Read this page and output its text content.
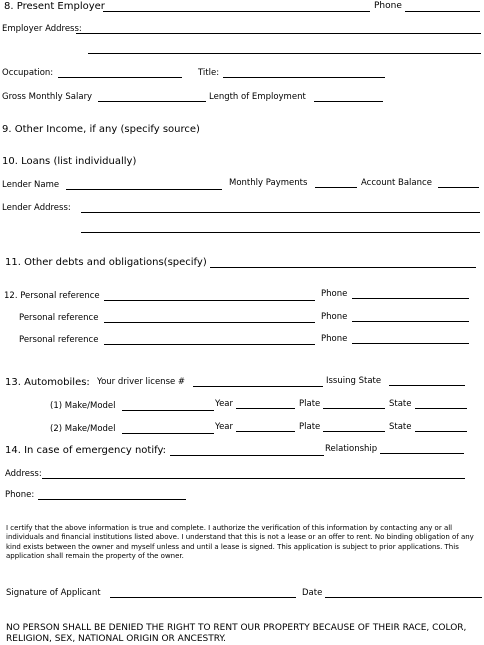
8. Present Employer	Phone
Employer Address:
Occupation:	Title:
Gross Monthly Salary	Length of Employment
9. Other Income, if any (specify source)
10. Loans (list individually)
Lender Name	Monthly Payments	Account Balance
Lender Address:
11. Other debts and obligations(specify)
12. Personal reference	Phone
Personal reference	Phone
Personal reference	Phone
13. Automobiles: Your driver license #	Issuing State
(1) Make/Model	Year	Plate	State
(2) Make/Model	Year	Plate	State
14. In case of emergency notify:	Relationship
Address:
Phone:
I certify that the above information is true and complete. I authorize the verification of this information by contacting any or all individuals and financial institutions listed above. I understand that this is not a lease or an offer to rent. No binding obligation of any kind exists between the owner and myself unless and until a lease is signed. This application is subject to prior applications. This application shall remain the property of the owner.
Signature of Applicant	Date
NO PERSON SHALL BE DENIED THE RIGHT TO RENT OUR PROPERTY BECAUSE OF THEIR RACE, COLOR, RELIGION, SEX, NATIONAL ORIGIN OR ANCESTRY.
